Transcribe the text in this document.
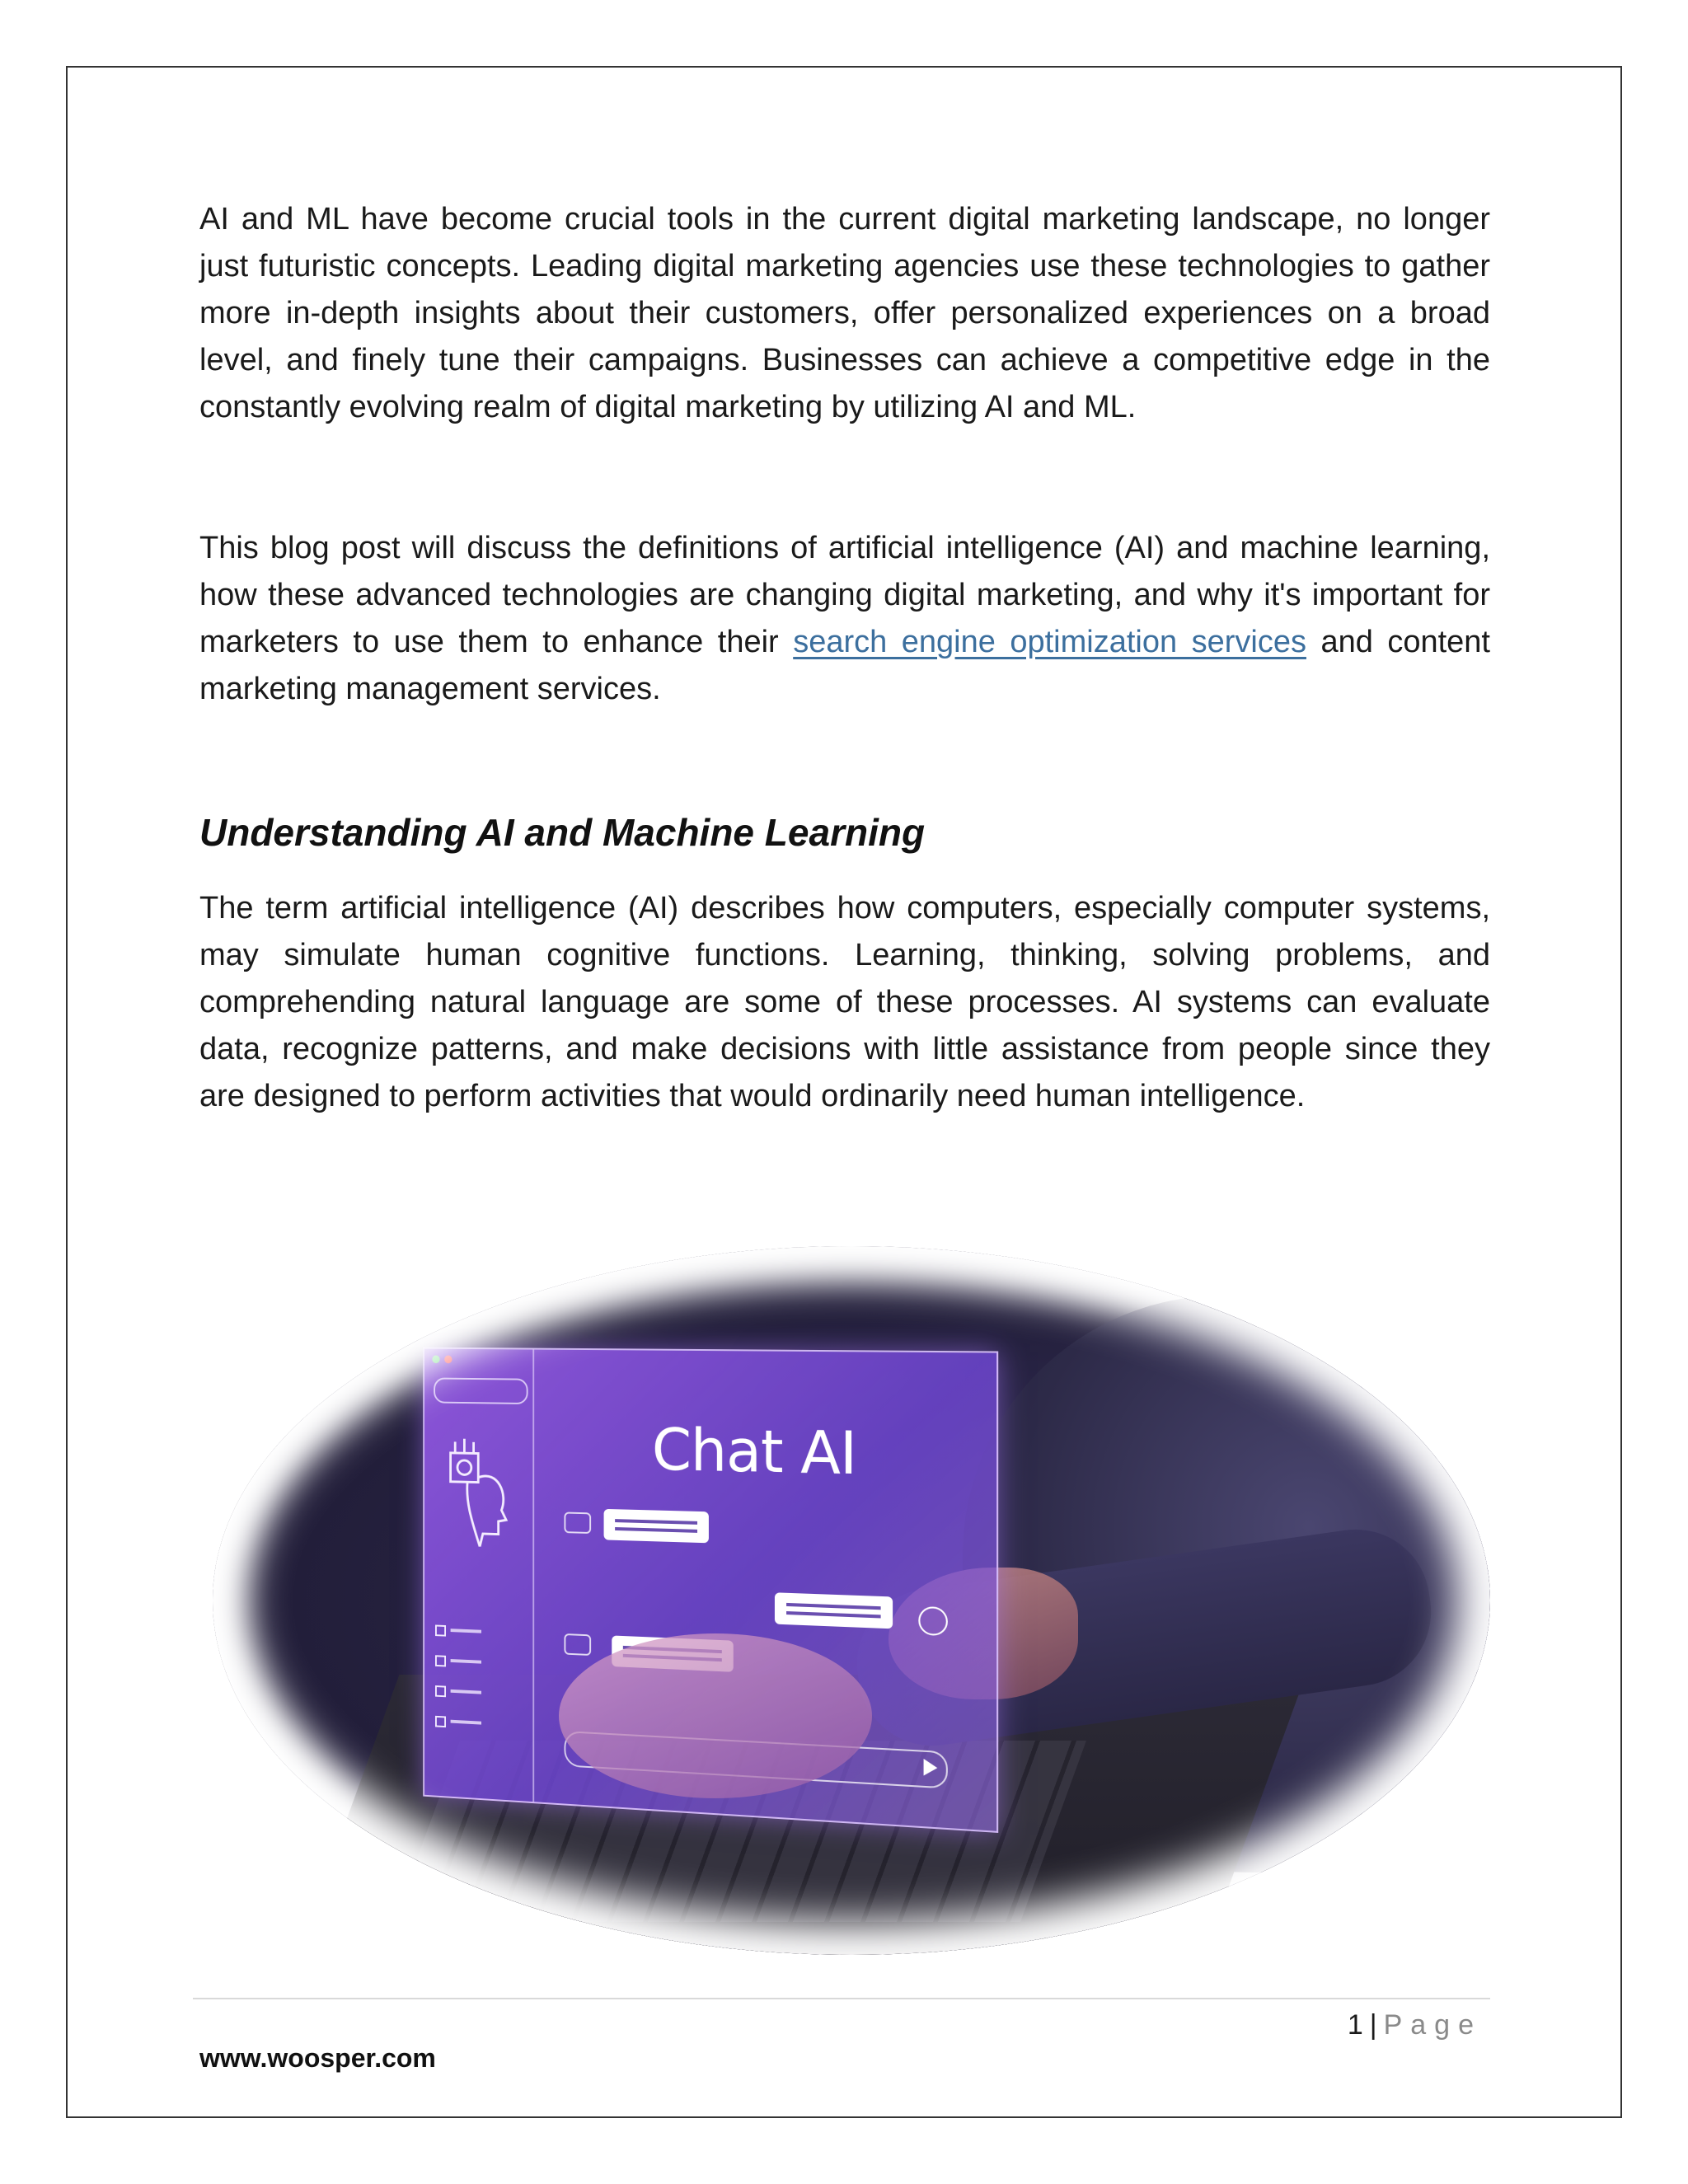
AI and ML have become crucial tools in the current digital marketing landscape, no longer just futuristic concepts. Leading digital marketing agencies use these technologies to gather more in-depth insights about their customers, offer personalized experiences on a broad level, and finely tune their campaigns. Businesses can achieve a competitive edge in the constantly evolving realm of digital marketing by utilizing AI and ML.

This blog post will discuss the definitions of artificial intelligence (AI) and machine learning, how these advanced technologies are changing digital marketing, and why it's important for marketers to use them to enhance their search engine optimization services and content marketing management services.

Understanding AI and Machine Learning

The term artificial intelligence (AI) describes how computers, especially computer systems, may simulate human cognitive functions. Learning, thinking, solving problems, and comprehending natural language are some of these processes. AI systems can evaluate data, recognize patterns, and make decisions with little assistance from people since they are designed to perform activities that would ordinarily need human intelligence.

Chat AI
1 | Page
www.woosper.com
